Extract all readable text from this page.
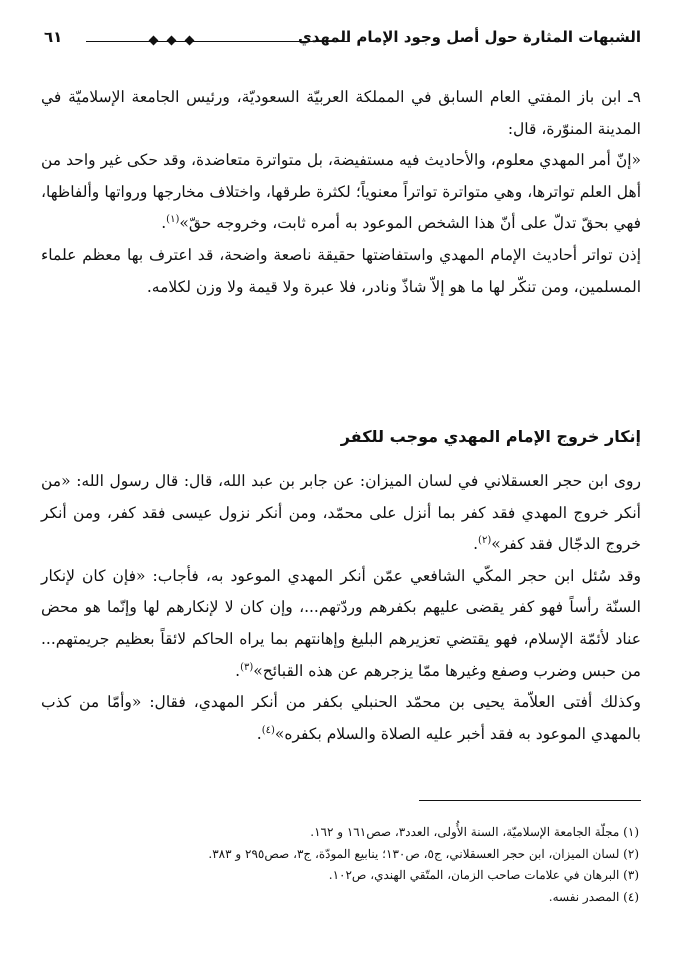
الشبهات المثارة حول أصل وجود الإمام المهدي
٦١

٩ـ ابن باز المفتي العام السابق في المملكة العربيّة السعوديّة، ورئيس الجامعة الإسلاميّة في المدينة المنوّرة، قال:

«إنّ أمر المهدي معلوم، والأحاديث فيه مستفيضة، بل متواترة متعاضدة، وقد حكى غير واحد من أهل العلم تواترها، وهي متواترة تواتراً معنوياً؛ لكثرة طرقها، واختلاف مخارجها ورواتها وألفاظها، فهي بحقّ تدلّ على أنّ هذا الشخص الموعود به أمره ثابت، وخروجه حقّ»$^{(١)}$.

إذن تواتر أحاديث الإمام المهدي واستفاضتها حقيقة ناصعة واضحة، قد اعترف بها معظم علماء المسلمين، ومن تنكّر لها ما هو إلاّ شاذّ ونادر، فلا عبرة ولا قيمة ولا وزن لكلامه.

إنكار خروج الإمام المهدي موجب للكفر

روى ابن حجر العسقلاني في لسان الميزان: عن جابر بن عبد الله، قال: قال رسول الله: «من أنكر خروج المهدي فقد كفر بما أنزل على محمّد، ومن أنكر نزول عيسى فقد كفر، ومن أنكر خروج الدجّال فقد كفر»$^{(٢)}$.

وقد سُئل ابن حجر المكّي الشافعي عمّن أنكر المهدي الموعود به، فأجاب: «فإن كان لإنكار السنّة رأساً فهو كفر يقضى عليهم بكفرهم وردّتهم...، وإن كان لا لإنكارهم لها وإنّما هو محض عناد لأئمّة الإسلام، فهو يقتضي تعزيرهم البليغ وإهانتهم بما يراه الحاكم لائقاً بعظيم جريمتهم... من حبس وضرب وصفع وغيرها ممّا يزجرهم عن هذه القبائح»$^{(٣)}$.

وكذلك أفتى العلاّمة يحيى بن محمّد الحنبلي بكفر من أنكر المهدي، فقال: «وأمّا من كذب بالمهدي الموعود به فقد أخبر عليه الصلاة والسلام بكفره»$^{(٤)}$.

(١) مجلّة الجامعة الإسلاميّة، السنة الأُولى، العدد٣، صص١٦١ و ١٦٢.

(٢) لسان الميزان، ابن حجر العسقلاني، ج٥، ص١٣٠؛ ينابيع المودّة، ج٣، صص٢٩٥ و ٣٨٣.

(٣) البرهان في علامات صاحب الزمان، المتّقي الهندي، ص١٠٢.

(٤) المصدر نفسه.
